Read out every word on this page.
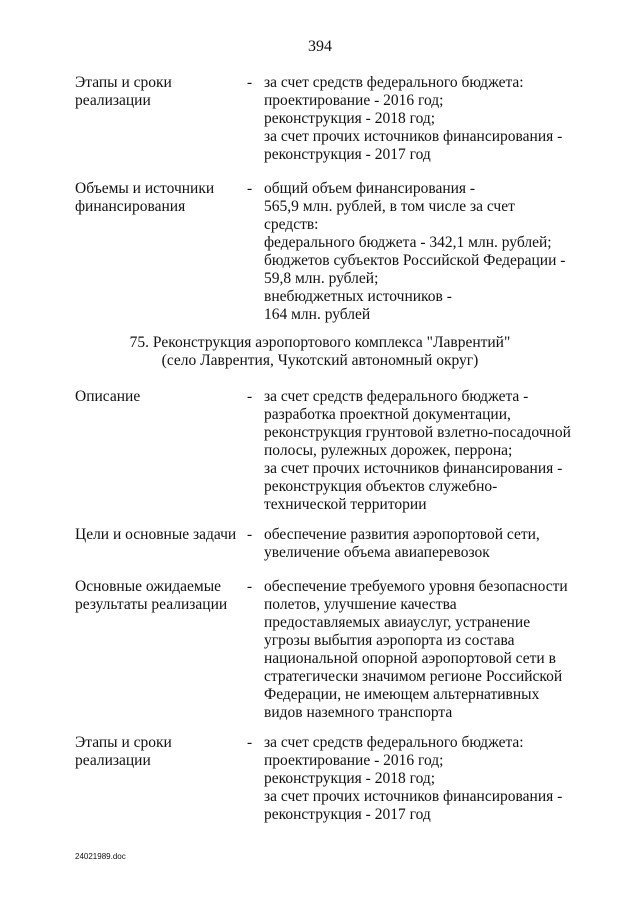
394
Этапы и сроки
реализации
- за счет средств федерального бюджета:
проектирование - 2016 год;
реконструкция - 2018 год;
за счет прочих источников финансирования -
реконструкция - 2017 год
Объемы и источники
финансирования
- общий объем финансирования -
565,9 млн. рублей, в том числе за счет
средств:
федерального бюджета - 342,1 млн. рублей;
бюджетов субъектов Российской Федерации -
59,8 млн. рублей;
внебюджетных источников -
164 млн. рублей
75. Реконструкция аэропортового комплекса "Лаврентий"
(село Лаврентия, Чукотский автономный округ)
Описание	- за счет средств федерального бюджета -
разработка проектной документации,
реконструкция грунтовой взлетно-посадочной
полосы, рулежных дорожек, перрона;
за счет прочих источников финансирования -
реконструкция объектов служебно-
технической территории
Цели и основные задачи - обеспечение развития аэропортовой сети,
увеличение объема авиаперевозок
Основные ожидаемые
результаты реализации
- обеспечение требуемого уровня безопасности
полетов, улучшение качества
предоставляемых авиауслуг, устранение
угрозы выбытия аэропорта из состава
национальной опорной аэропортовой сети в
стратегически значимом регионе Российской
Федерации, не имеющем альтернативных
видов наземного транспорта
Этапы и сроки
реализации
- за счет средств федерального бюджета:
проектирование - 2016 год;
реконструкция - 2018 год;
за счет прочих источников финансирования -
реконструкция - 2017 год
24021989.doc
